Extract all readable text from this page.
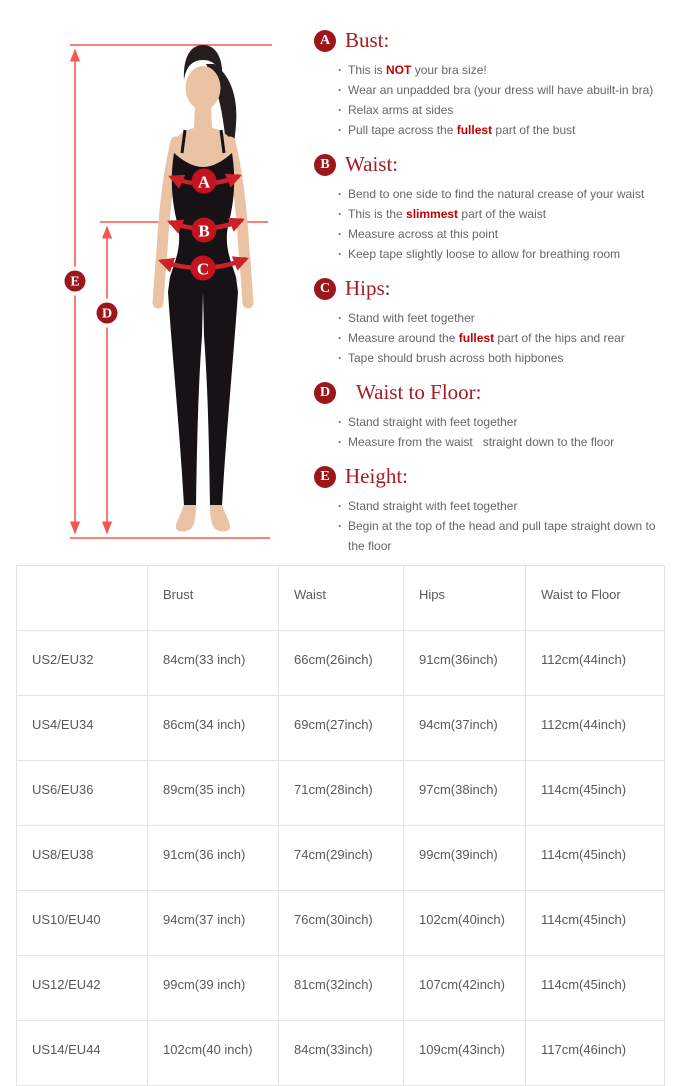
A
B
C
E
D
A Bust:
· This is NOT your bra size!
· Wear an unpadded bra (your dress will have abuilt-in bra)
· Relax arms at sides
· Pull tape across the fullest part of the bust
B Waist:
· Bend to one side to find the natural crease of your waist
· This is the slimmest part of the waist
· Measure across at this point
· Keep tape slightly loose to allow for breathing room
C Hips:
· Stand with feet together
· Measure around the fullest part of the hips and rear
· Tape should brush across both hipbones
D Waist to Floor:
· Stand straight with feet together
· Measure from the waist   straight down to the floor
E Height:
· Stand straight with feet together
· Begin at the top of the head and pull tape straight down to the floor
	Brust	Waist	Hips	Waist to Floor
US2/EU32	84cm(33 inch)	66cm(26inch)	91cm(36inch)	112cm(44inch)
US4/EU34	86cm(34 inch)	69cm(27inch)	94cm(37inch)	112cm(44inch)
US6/EU36	89cm(35 inch)	71cm(28inch)	97cm(38inch)	114cm(45inch)
US8/EU38	91cm(36 inch)	74cm(29inch)	99cm(39inch)	114cm(45inch)
US10/EU40	94cm(37 inch)	76cm(30inch)	102cm(40inch)	114cm(45inch)
US12/EU42	99cm(39 inch)	81cm(32inch)	107cm(42inch)	114cm(45inch)
US14/EU44	102cm(40 inch)	84cm(33inch)	109cm(43inch)	117cm(46inch)
